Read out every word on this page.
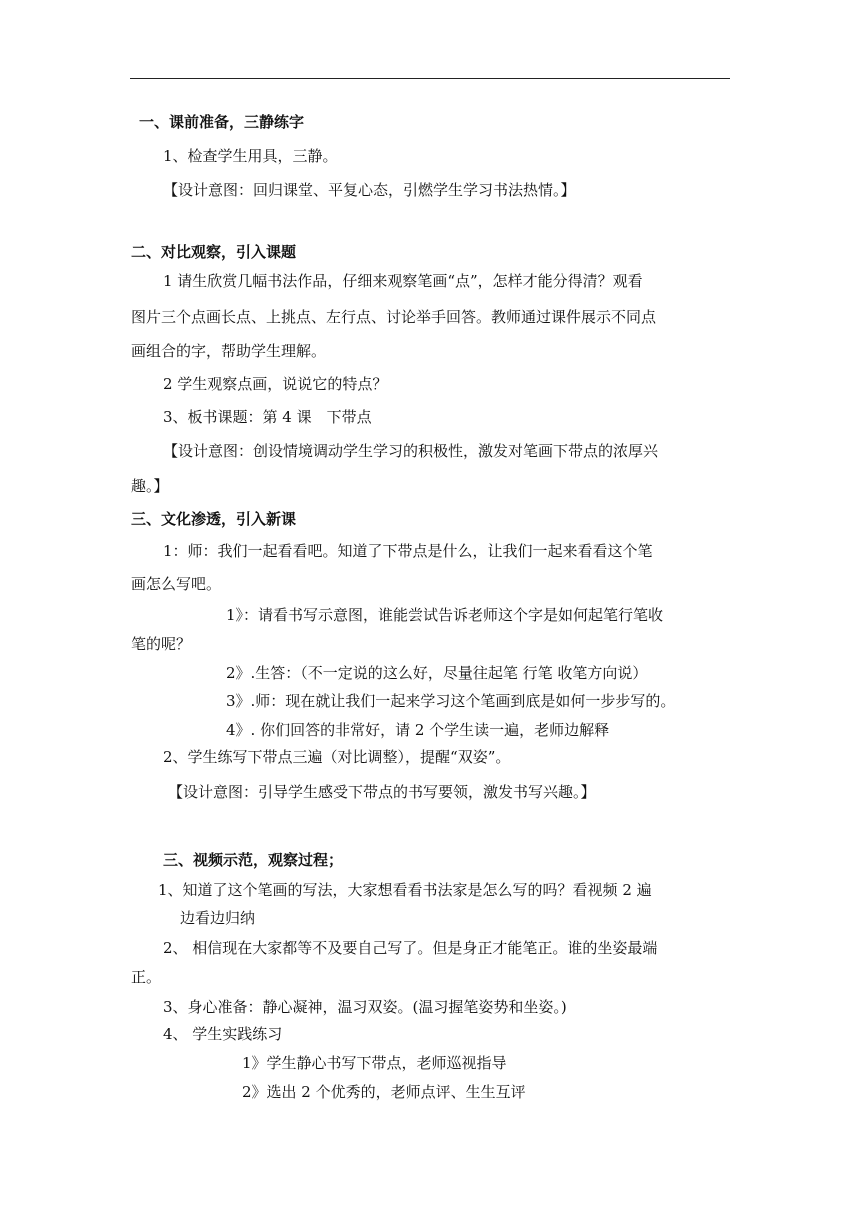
一、课前准备，三静练字
1、检查学生用具，三静。
【设计意图：回归课堂、平复心态，引燃学生学习书法热情。】
二、对比观察，引入课题
1 请生欣赏几幅书法作品，仔细来观察笔画“点”，怎样才能分得清？观看
图片三个点画长点、上挑点、左行点、讨论举手回答。教师通过课件展示不同点
画组合的字，帮助学生理解。
2 学生观察点画，说说它的特点？
3、板书课题：第 4 课　下带点
【设计意图：创设情境调动学生学习的积极性，激发对笔画下带点的浓厚兴
趣。】
三、文化渗透，引入新课
1：师：我们一起看看吧。知道了下带点是什么，让我们一起来看看这个笔
画怎么写吧。
1》：请看书写示意图，谁能尝试告诉老师这个字是如何起笔行笔收
笔的呢？
2》.生答：（不一定说的这么好，尽量往起笔 行笔 收笔方向说）
3》.师：现在就让我们一起来学习这个笔画到底是如何一步步写的。
4》. 你们回答的非常好，请 2 个学生读一遍，老师边解释
2、学生练写下带点三遍（对比调整），提醒“双姿”。
【设计意图：引导学生感受下带点的书写要领，激发书写兴趣。】
三、视频示范，观察过程；
1、知道了这个笔画的写法，大家想看看书法家是怎么写的吗？看视频 2 遍
边看边归纳
2、 相信现在大家都等不及要自己写了。但是身正才能笔正。谁的坐姿最端
正。
3、身心准备：静心凝神，温习双姿。(温习握笔姿势和坐姿。)
4、 学生实践练习
1》学生静心书写下带点，老师巡视指导
2》选出 2 个优秀的，老师点评、生生互评
